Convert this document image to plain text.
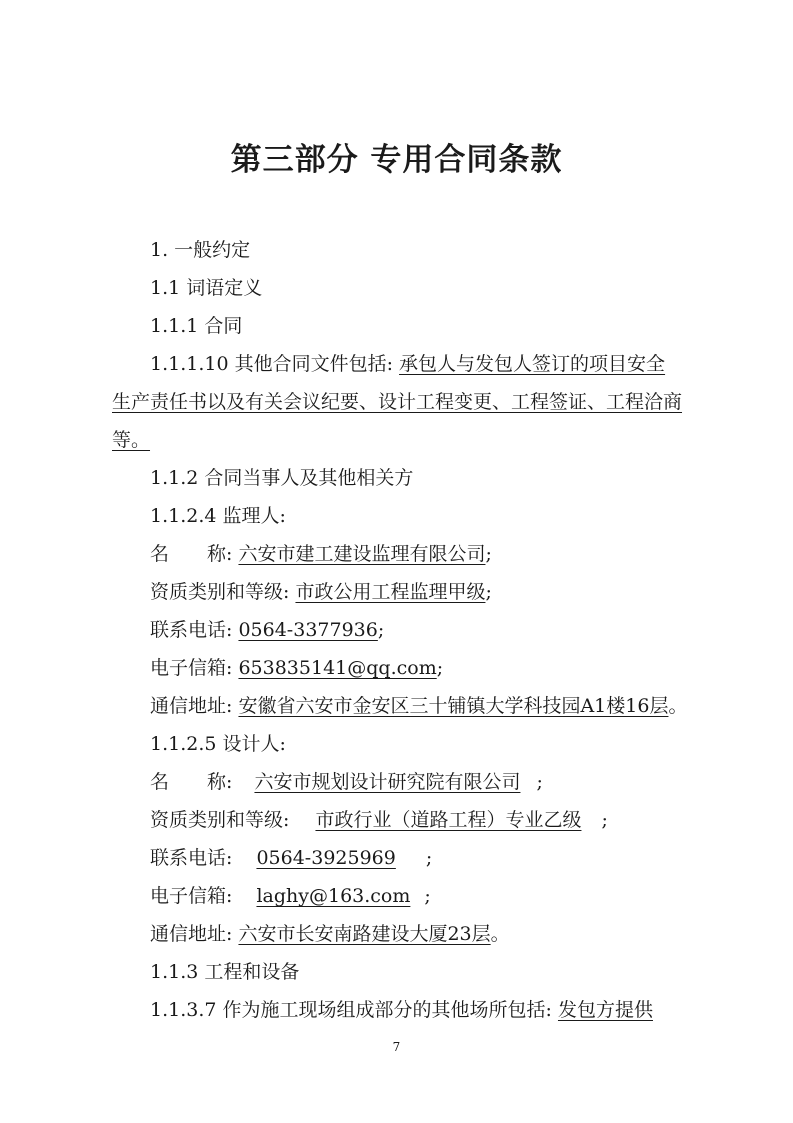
第三部分 专用合同条款
1. 一般约定
1.1 词语定义
1.1.1 合同
1.1.1.10 其他合同文件包括: 承包人与发包人签订的项目安全
生产责任书以及有关会议纪要、设计工程变更、工程签证、工程洽商
等。
1.1.2 合同当事人及其他相关方
1.1.2.4 监理人:
名　　称: 六安市建工建设监理有限公司;
资质类别和等级: 市政公用工程监理甲级;
联系电话: 0564-3377936;
电子信箱: 653835141@qq.com;
通信地址: 安徽省六安市金安区三十铺镇大学科技园A1楼16层。
1.1.2.5 设计人:
名　　称: 六安市规划设计研究院有限公司 ;
资质类别和等级: 市政行业（道路工程）专业乙级 ;
联系电话: 0564-3925969 ;
电子信箱: laghy@163.com ;
通信地址: 六安市长安南路建设大厦23层。
1.1.3 工程和设备
1.1.3.7 作为施工现场组成部分的其他场所包括: 发包方提供
7
